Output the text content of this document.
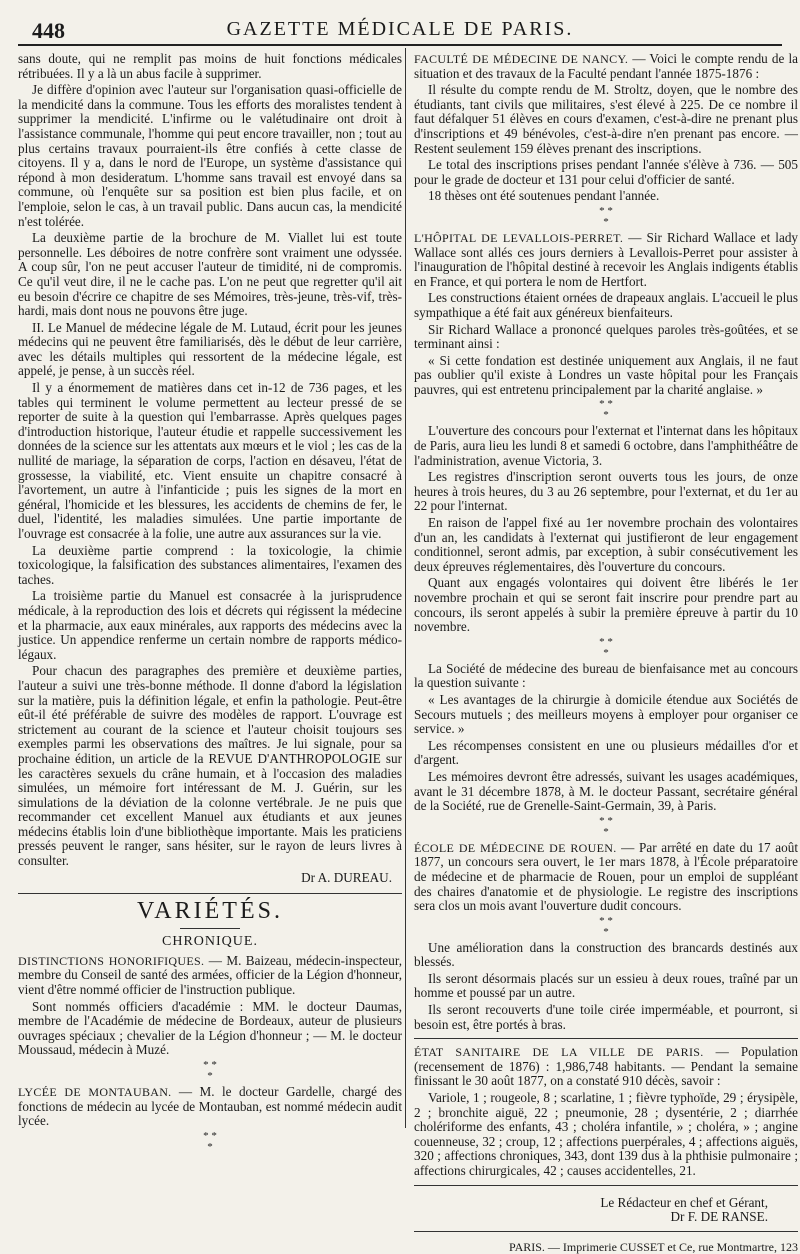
448	GAZETTE MÉDICALE DE PARIS.

sans doute, qui ne remplit pas moins de huit fonctions médicales rétribuées. Il y a là un abus facile à supprimer.

Je diffère d'opinion avec l'auteur sur l'organisation quasi-officielle de la mendicité dans la commune. Tous les efforts des moralistes tendent à supprimer la mendicité. L'infirme ou le valétudinaire ont droit à l'assistance communale, l'homme qui peut encore travailler, non ; tout au plus certains travaux pourraient-ils être confiés à cette classe de citoyens. Il y a, dans le nord de l'Europe, un système d'assistance qui répond à mon desideratum. L'homme sans travail est envoyé dans sa commune, où l'enquête sur sa position est bien plus facile, et on l'emploie, selon le cas, à un travail public. Dans aucun cas, la mendicité n'est tolérée.

La deuxième partie de la brochure de M. Viallet lui est toute personnelle. Les déboires de notre confrère sont vraiment une odyssée. A coup sûr, l'on ne peut accuser l'auteur de timidité, ni de compromis. Ce qu'il veut dire, il ne le cache pas. L'on ne peut que regretter qu'il ait eu besoin d'écrire ce chapitre de ses Mémoires, très-jeune, très-vif, très-hardi, mais dont nous ne pouvons être juge.

II. Le Manuel de médecine légale de M. Lutaud, écrit pour les jeunes médecins qui ne peuvent être familiarisés, dès le début de leur carrière, avec les détails multiples qui ressortent de la médecine légale, est appelé, je pense, à un succès réel.

Il y a énormement de matières dans cet in-12 de 736 pages, et les tables qui terminent le volume permettent au lecteur pressé de se reporter de suite à la question qui l'embarrasse. Après quelques pages d'introduction historique, l'auteur étudie et rappelle successivement les données de la science sur les attentats aux mœurs et le viol ; les cas de la nullité de mariage, la séparation de corps, l'action en désaveu, l'état de grossesse, la viabilité, etc. Vient ensuite un chapitre consacré à l'avortement, un autre à l'infanticide ; puis les signes de la mort en général, l'homicide et les blessures, les accidents de chemins de fer, le duel, l'identité, les maladies simulées. Une partie importante de l'ouvrage est consacrée à la folie, une autre aux assurances sur la vie.

La deuxième partie comprend : la toxicologie, la chimie toxicologique, la falsification des substances alimentaires, l'examen des taches.

La troisième partie du Manuel est consacrée à la jurisprudence médicale, à la reproduction des lois et décrets qui régissent la médecine et la pharmacie, aux eaux minérales, aux rapports des médecins avec la justice. Un appendice renferme un certain nombre de rapports médico-légaux.

Pour chacun des paragraphes des première et deuxième parties, l'auteur a suivi une très-bonne méthode. Il donne d'abord la législation sur la matière, puis la définition légale, et enfin la pathologie. Peut-être eût-il été préférable de suivre des modèles de rapport. L'ouvrage est strictement au courant de la science et l'auteur choisit toujours ses exemples parmi les observations des maîtres. Je lui signale, pour sa prochaine édition, un article de la REVUE D'ANTHROPOLOGIE sur les caractères sexuels du crâne humain, et à l'occasion des maladies simulées, un mémoire fort intéressant de M. J. Guérin, sur les simulations de la déviation de la colonne vertébrale. Je ne puis que recommander cet excellent Manuel aux étudiants et aux jeunes médecins établis loin d'une bibliothèque importante. Mais les praticiens pressés peuvent le ranger, sans hésiter, sur le rayon de leurs livres à consulter.

Dr A. DUREAU.
VARIÉTÉS.
CHRONIQUE.

DISTINCTIONS HONORIFIQUES. — M. Baizeau, médecin-inspecteur, membre du Conseil de santé des armées, officier de la Légion d'honneur, vient d'être nommé officier de l'instruction publique.

Sont nommés officiers d'académie : MM. le docteur Daumas, membre de l'Académie de médecine de Bordeaux, auteur de plusieurs ouvrages spéciaux ; chevalier de la Légion d'honneur ; — M. le docteur Moussaud, médecin à Muzé.

* *
*

LYCÉE DE MONTAUBAN. — M. le docteur Gardelle, chargé des fonctions de médecin au lycée de Montauban, est nommé médecin audit lycée.

* *
*

FACULTÉ DE MÉDECINE DE NANCY. — Voici le compte rendu de la situation et des travaux de la Faculté pendant l'année 1875-1876 :

Il résulte du compte rendu de M. Stroltz, doyen, que le nombre des étudiants, tant civils que militaires, s'est élevé à 225. De ce nombre il faut défalquer 51 élèves en cours d'examen, c'est-à-dire ne prenant plus d'inscriptions et 49 bénévoles, c'est-à-dire n'en prenant pas encore. — Restent seulement 159 élèves prenant des inscriptions.

Le total des inscriptions prises pendant l'année s'élève à 736. — 505 pour le grade de docteur et 131 pour celui d'officier de santé.

18 thèses ont été soutenues pendant l'année.

* *
*

L'HÔPITAL DE LEVALLOIS-PERRET. — Sir Richard Wallace et lady Wallace sont allés ces jours derniers à Levallois-Perret pour assister à l'inauguration de l'hôpital destiné à recevoir les Anglais indigents établis en France, et qui portera le nom de Hertfort.

Les constructions étaient ornées de drapeaux anglais. L'accueil le plus sympathique a été fait aux généreux bienfaiteurs.

Sir Richard Wallace a prononcé quelques paroles très-goûtées, et se terminant ainsi :

« Si cette fondation est destinée uniquement aux Anglais, il ne faut pas oublier qu'il existe à Londres un vaste hôpital pour les Français pauvres, qui est entretenu principalement par la charité anglaise. »

* *
*

L'ouverture des concours pour l'externat et l'internat dans les hôpitaux de Paris, aura lieu les lundi 8 et samedi 6 octobre, dans l'amphithéâtre de l'administration, avenue Victoria, 3.

Les registres d'inscription seront ouverts tous les jours, de onze heures à trois heures, du 3 au 26 septembre, pour l'externat, et du 1er au 22 pour l'internat.

En raison de l'appel fixé au 1er novembre prochain des volontaires d'un an, les candidats à l'externat qui justifieront de leur engagement conditionnel, seront admis, par exception, à subir consécutivement les deux épreuves réglementaires, dès l'ouverture du concours.

Quant aux engagés volontaires qui doivent être libérés le 1er novembre prochain et qui se seront fait inscrire pour prendre part au concours, ils seront appelés à subir la première épreuve à partir du 10 novembre.

* *
*

La Société de médecine des bureau de bienfaisance met au concours la question suivante :

« Les avantages de la chirurgie à domicile étendue aux Sociétés de Secours mutuels ; des meilleurs moyens à employer pour organiser ce service. »

Les récompenses consistent en une ou plusieurs médailles d'or et d'argent.

Les mémoires devront être adressés, suivant les usages académiques, avant le 31 décembre 1878, à M. le docteur Passant, secrétaire général de la Société, rue de Grenelle-Saint-Germain, 39, à Paris.

* *
*

ÉCOLE DE MÉDECINE DE ROUEN. — Par arrêté en date du 17 août 1877, un concours sera ouvert, le 1er mars 1878, à l'École préparatoire de médecine et de pharmacie de Rouen, pour un emploi de suppléant des chaires d'anatomie et de physiologie. Le registre des inscriptions sera clos un mois avant l'ouverture dudit concours.

* *
*

Une amélioration dans la construction des brancards destinés aux blessés.

Ils seront désormais placés sur un essieu à deux roues, traîné par un homme et poussé par un autre.

Ils seront recouverts d'une toile cirée imperméable, et pourront, si besoin est, être portés à bras.

ÉTAT SANITAIRE DE LA VILLE DE PARIS. — Population (recensement de 1876) : 1,986,748 habitants. — Pendant la semaine finissant le 30 août 1877, on a constaté 910 décès, savoir :

Variole, 1 ; rougeole, 8 ; scarlatine, 1 ; fièvre typhoïde, 29 ; érysipèle, 2 ; bronchite aiguë, 22 ; pneumonie, 28 ; dysentérie, 2 ; diarrhée cholériforme des enfants, 43 ; choléra infantile, » ; choléra, » ; angine couenneuse, 32 ; croup, 12 ; affections puerpérales, 4 ; affections aiguës, 320 ; affections chroniques, 343, dont 139 dus à la phthisie pulmonaire ; affections chirurgicales, 42 ; causes accidentelles, 21.

Le Rédacteur en chef et Gérant,
Dr F. DE RANSE.
PARIS. — Imprimerie CUSSET et Ce, rue Montmartre, 123
